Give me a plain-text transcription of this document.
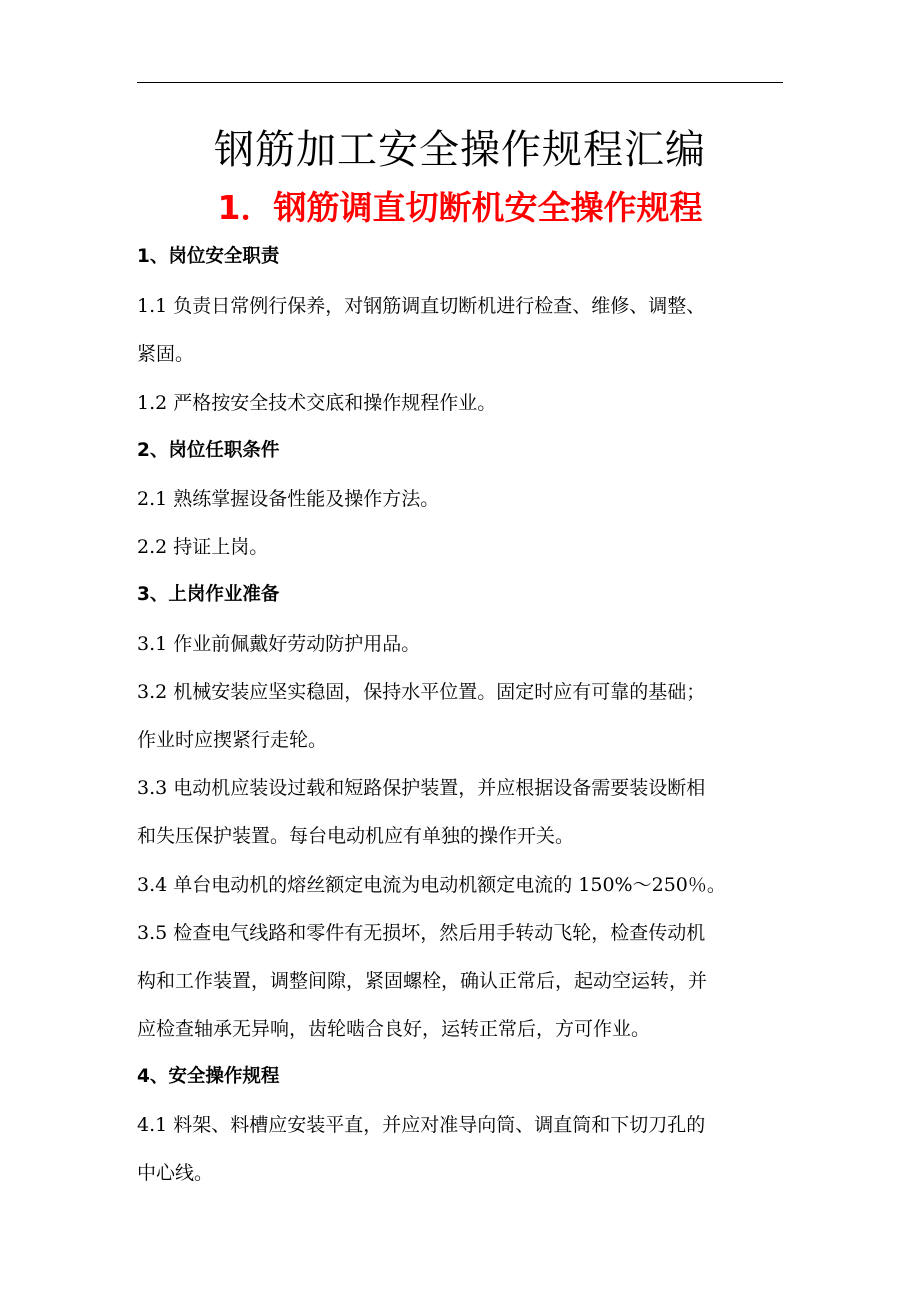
钢筋加工安全操作规程汇编
1．钢筋调直切断机安全操作规程
1、岗位安全职责
1.1 负责日常例行保养，对钢筋调直切断机进行检查、维修、调整、
紧固。
1.2 严格按安全技术交底和操作规程作业。
2、岗位任职条件
2.1 熟练掌握设备性能及操作方法。
2.2 持证上岗。
3、上岗作业准备
3.1 作业前佩戴好劳动防护用品。
3.2 机械安装应坚实稳固，保持水平位置。固定时应有可靠的基础；
作业时应揳紧行走轮。
3.3 电动机应装设过载和短路保护装置，并应根据设备需要装设断相
和失压保护装置。每台电动机应有单独的操作开关。
3.4 单台电动机的熔丝额定电流为电动机额定电流的 150%～250％。
3.5 检查电气线路和零件有无损坏，然后用手转动飞轮，检查传动机
构和工作装置，调整间隙，紧固螺栓，确认正常后，起动空运转，并
应检查轴承无异响，齿轮啮合良好，运转正常后，方可作业。
4、安全操作规程
4.1 料架、料槽应安装平直，并应对准导向筒、调直筒和下切刀孔的
中心线。
